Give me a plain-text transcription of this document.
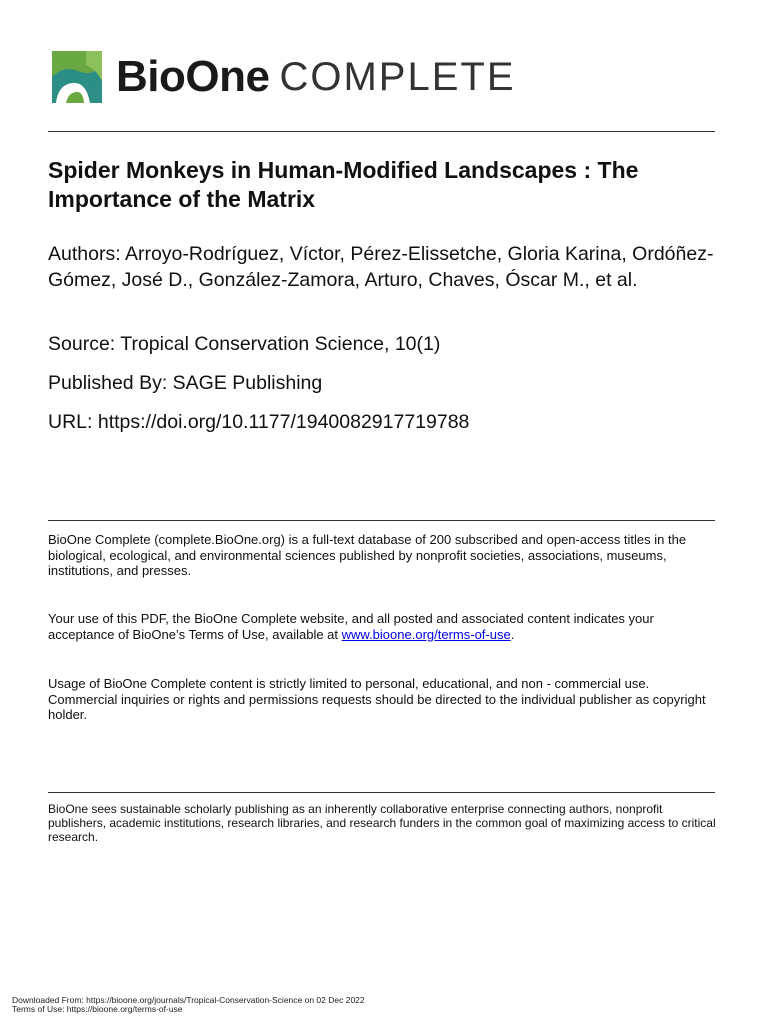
BioOne COMPLETE
Spider Monkeys in Human-Modified Landscapes : The Importance of the Matrix
Authors: Arroyo-Rodríguez, Víctor, Pérez-Elissetche, Gloria Karina, Ordóñez-Gómez, José D., González-Zamora, Arturo, Chaves, Óscar M., et al.
Source: Tropical Conservation Science, 10(1)
Published By: SAGE Publishing
URL: https://doi.org/10.1177/1940082917719788
BioOne Complete (complete.BioOne.org) is a full-text database of 200 subscribed and open-access titles in the biological, ecological, and environmental sciences published by nonprofit societies, associations, museums, institutions, and presses.
Your use of this PDF, the BioOne Complete website, and all posted and associated content indicates your acceptance of BioOne’s Terms of Use, available at www.bioone.org/terms-of-use.
Usage of BioOne Complete content is strictly limited to personal, educational, and non - commercial use. Commercial inquiries or rights and permissions requests should be directed to the individual publisher as copyright holder.
BioOne sees sustainable scholarly publishing as an inherently collaborative enterprise connecting authors, nonprofit publishers, academic institutions, research libraries, and research funders in the common goal of maximizing access to critical research.
Downloaded From: https://bioone.org/journals/Tropical-Conservation-Science on 02 Dec 2022
Terms of Use: https://bioone.org/terms-of-use
